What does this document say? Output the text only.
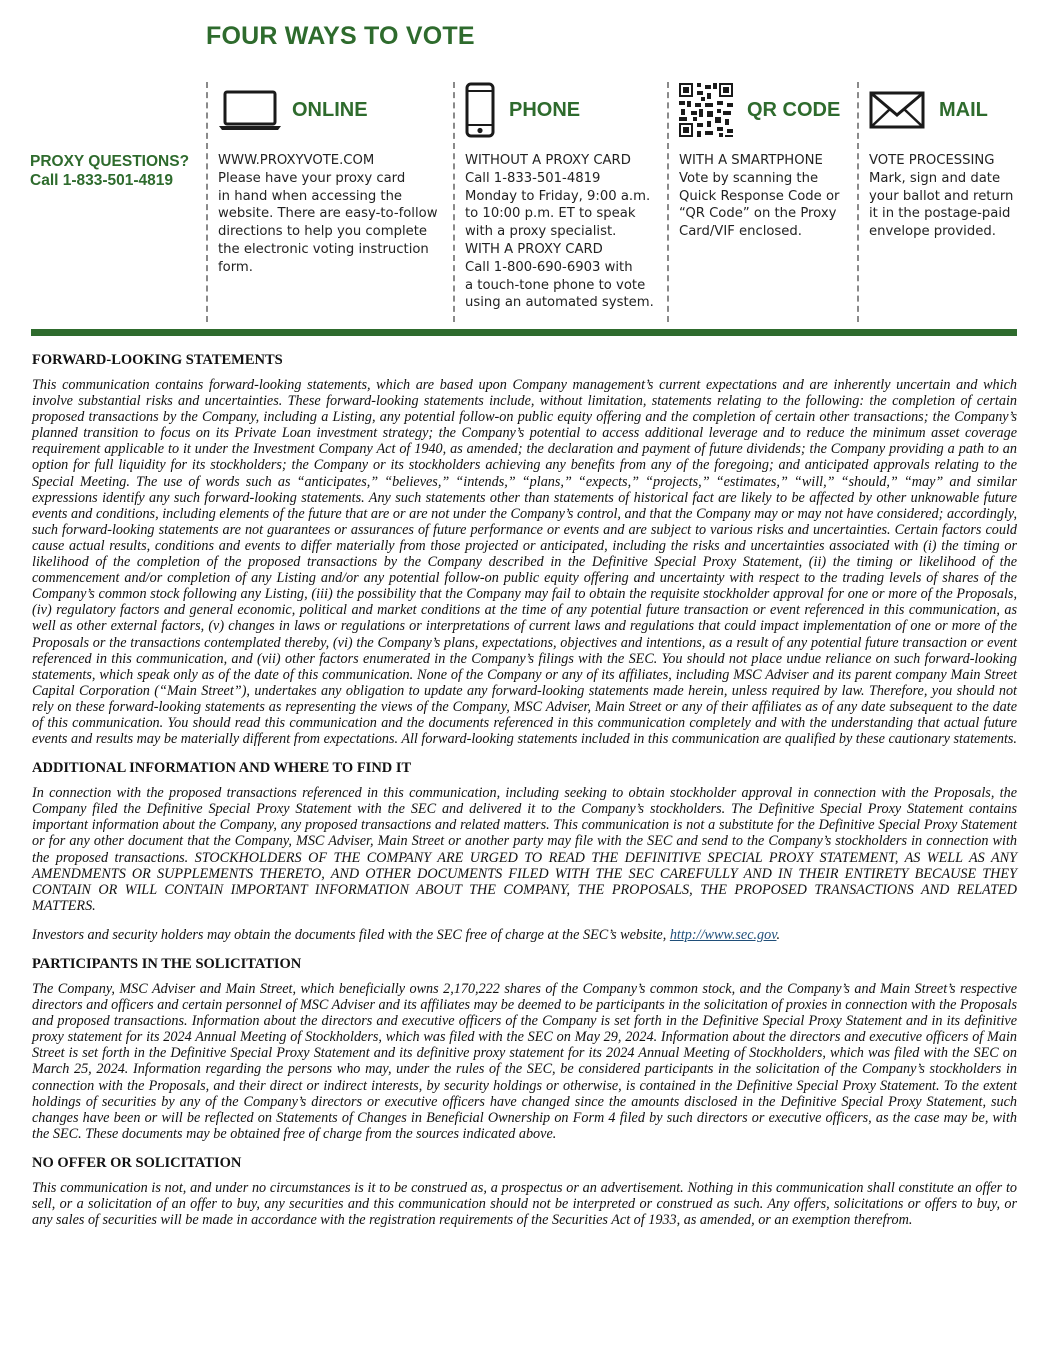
FOUR WAYS TO VOTE
PROXY QUESTIONS?
Call 1-833-501-4819
ONLINE
WWW.PROXYVOTE.COM
Please have your proxy card
in hand when accessing the
website. There are easy-to-follow
directions to help you complete
the electronic voting instruction
form.
PHONE
WITHOUT A PROXY CARD
Call 1-833-501-4819
Monday to Friday, 9:00 a.m.
to 10:00 p.m. ET to speak
with a proxy specialist.
WITH A PROXY CARD
Call 1-800-690-6903 with
a touch-tone phone to vote
using an automated system.
QR CODE
WITH A SMARTPHONE
Vote by scanning the
Quick Response Code or
“QR Code” on the Proxy
Card/VIF enclosed.
MAIL
VOTE PROCESSING
Mark, sign and date
your ballot and return
it in the postage-paid
envelope provided.
FORWARD-LOOKING STATEMENTS

This communication contains forward-looking statements, which are based upon Company management’s current expectations and are inherently uncertain and which involve substantial risks and uncertainties. These forward-looking statements include, without limitation, statements relating to the following: the completion of certain proposed transactions by the Company, including a Listing, any potential follow-on public equity offering and the completion of certain other transactions; the Company’s planned transition to focus on its Private Loan investment strategy; the Company’s potential to access additional leverage and to reduce the minimum asset coverage requirement applicable to it under the Investment Company Act of 1940, as amended; the declaration and payment of future dividends; the Company providing a path to an option for full liquidity for its stockholders; the Company or its stockholders achieving any benefits from any of the foregoing; and anticipated approvals relating to the Special Meeting. The use of words such as “anticipates,” “believes,” “intends,” “plans,” “expects,” “projects,” “estimates,” “will,” “should,” “may” and similar expressions identify any such forward-looking statements. Any such statements other than statements of historical fact are likely to be affected by other unknowable future events and conditions, including elements of the future that are or are not under the Company’s control, and that the Company may or may not have considered; accordingly, such forward-looking statements are not guarantees or assurances of future performance or events and are subject to various risks and uncertainties. Certain factors could cause actual results, conditions and events to differ materially from those projected or anticipated, including the risks and uncertainties associated with (i) the timing or likelihood of the completion of the proposed transactions by the Company described in the Definitive Special Proxy Statement, (ii) the timing or likelihood of the commencement and/or completion of any Listing and/or any potential follow-on public equity offering and uncertainty with respect to the trading levels of shares of the Company’s common stock following any Listing, (iii) the possibility that the Company may fail to obtain the requisite stockholder approval for one or more of the Proposals, (iv) regulatory factors and general economic, political and market conditions at the time of any potential future transaction or event referenced in this communication, as well as other external factors, (v) changes in laws or regulations or interpretations of current laws and regulations that could impact implementation of one or more of the Proposals or the transactions contemplated thereby, (vi) the Company’s plans, expectations, objectives and intentions, as a result of any potential future transaction or event referenced in this communication, and (vii) other factors enumerated in the Company’s filings with the SEC. You should not place undue reliance on such forward-looking statements, which speak only as of the date of this communication. None of the Company or any of its affiliates, including MSC Adviser and its parent company Main Street Capital Corporation (“Main Street”), undertakes any obligation to update any forward-looking statements made herein, unless required by law. Therefore, you should not rely on these forward-looking statements as representing the views of the Company, MSC Adviser, Main Street or any of their affiliates as of any date subsequent to the date of this communication. You should read this communication and the documents referenced in this communication completely and with the understanding that actual future events and results may be materially different from expectations. All forward-looking statements included in this communication are qualified by these cautionary statements.

ADDITIONAL INFORMATION AND WHERE TO FIND IT

In connection with the proposed transactions referenced in this communication, including seeking to obtain stockholder approval in connection with the Proposals, the Company filed the Definitive Special Proxy Statement with the SEC and delivered it to the Company’s stockholders. The Definitive Special Proxy Statement contains important information about the Company, any proposed transactions and related matters. This communication is not a substitute for the Definitive Special Proxy Statement or for any other document that the Company, MSC Adviser, Main Street or another party may file with the SEC and send to the Company’s stockholders in connection with the proposed transactions. STOCKHOLDERS OF THE COMPANY ARE URGED TO READ THE DEFINITIVE SPECIAL PROXY STATEMENT, AS WELL AS ANY AMENDMENTS OR SUPPLEMENTS THERETO, AND OTHER DOCUMENTS FILED WITH THE SEC CAREFULLY AND IN THEIR ENTIRETY BECAUSE THEY CONTAIN OR WILL CONTAIN IMPORTANT INFORMATION ABOUT THE COMPANY, THE PROPOSALS, THE PROPOSED TRANSACTIONS AND RELATED MATTERS.

Investors and security holders may obtain the documents filed with the SEC free of charge at the SEC’s website, http://www.sec.gov.

PARTICIPANTS IN THE SOLICITATION

The Company, MSC Adviser and Main Street, which beneficially owns 2,170,222 shares of the Company’s common stock, and the Company’s and Main Street’s respective directors and officers and certain personnel of MSC Adviser and its affiliates may be deemed to be participants in the solicitation of proxies in connection with the Proposals and proposed transactions. Information about the directors and executive officers of the Company is set forth in the Definitive Special Proxy Statement and in its definitive proxy statement for its 2024 Annual Meeting of Stockholders, which was filed with the SEC on May 29, 2024. Information about the directors and executive officers of Main Street is set forth in the Definitive Special Proxy Statement and its definitive proxy statement for its 2024 Annual Meeting of Stockholders, which was filed with the SEC on March 25, 2024. Information regarding the persons who may, under the rules of the SEC, be considered participants in the solicitation of the Company’s stockholders in connection with the Proposals, and their direct or indirect interests, by security holdings or otherwise, is contained in the Definitive Special Proxy Statement. To the extent holdings of securities by any of the Company’s directors or executive officers have changed since the amounts disclosed in the Definitive Special Proxy Statement, such changes have been or will be reflected on Statements of Changes in Beneficial Ownership on Form 4 filed by such directors or executive officers, as the case may be, with the SEC. These documents may be obtained free of charge from the sources indicated above.

NO OFFER OR SOLICITATION

This communication is not, and under no circumstances is it to be construed as, a prospectus or an advertisement. Nothing in this communication shall constitute an offer to sell, or a solicitation of an offer to buy, any securities and this communication should not be interpreted or construed as such. Any offers, solicitations or offers to buy, or any sales of securities will be made in accordance with the registration requirements of the Securities Act of 1933, as amended, or an exemption therefrom.
